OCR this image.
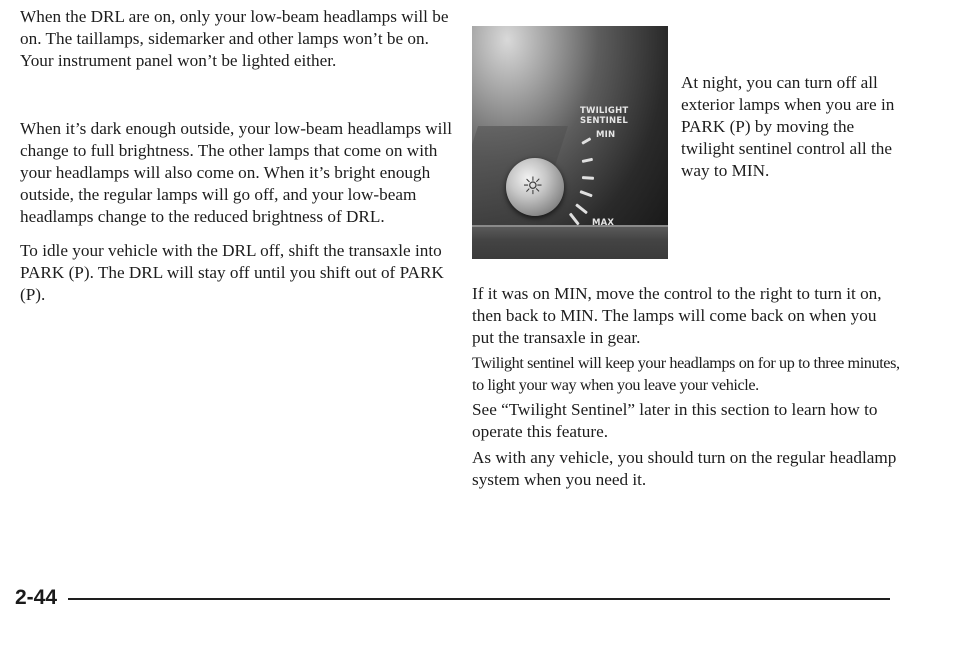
When the DRL are on, only your low-beam headlamps will be on. The taillamps, sidemarker and other lamps won’t be on. Your instrument panel won’t be lighted either.

When it’s dark enough outside, your low-beam headlamps will change to full brightness. The other lamps that come on with your headlamps will also come on. When it’s bright enough outside, the regular lamps will go off, and your low-beam headlamps change to the reduced brightness of DRL.

To idle your vehicle with the DRL off, shift the transaxle into PARK (P). The DRL will stay off until you shift out of PARK (P).

TWILIGHT
SENTINEL
MIN
MAX
☼

At night, you can turn off all exterior lamps when you are in PARK (P) by moving the twilight sentinel control all the way to MIN.

If it was on MIN, move the control to the right to turn it on, then back to MIN. The lamps will come back on when you put the transaxle in gear.

Twilight sentinel will keep your headlamps on for up to three minutes, to light your way when you leave your vehicle.

See “Twilight Sentinel” later in this section to learn how to operate this feature.

As with any vehicle, you should turn on the regular headlamp system when you need it.

2-44
